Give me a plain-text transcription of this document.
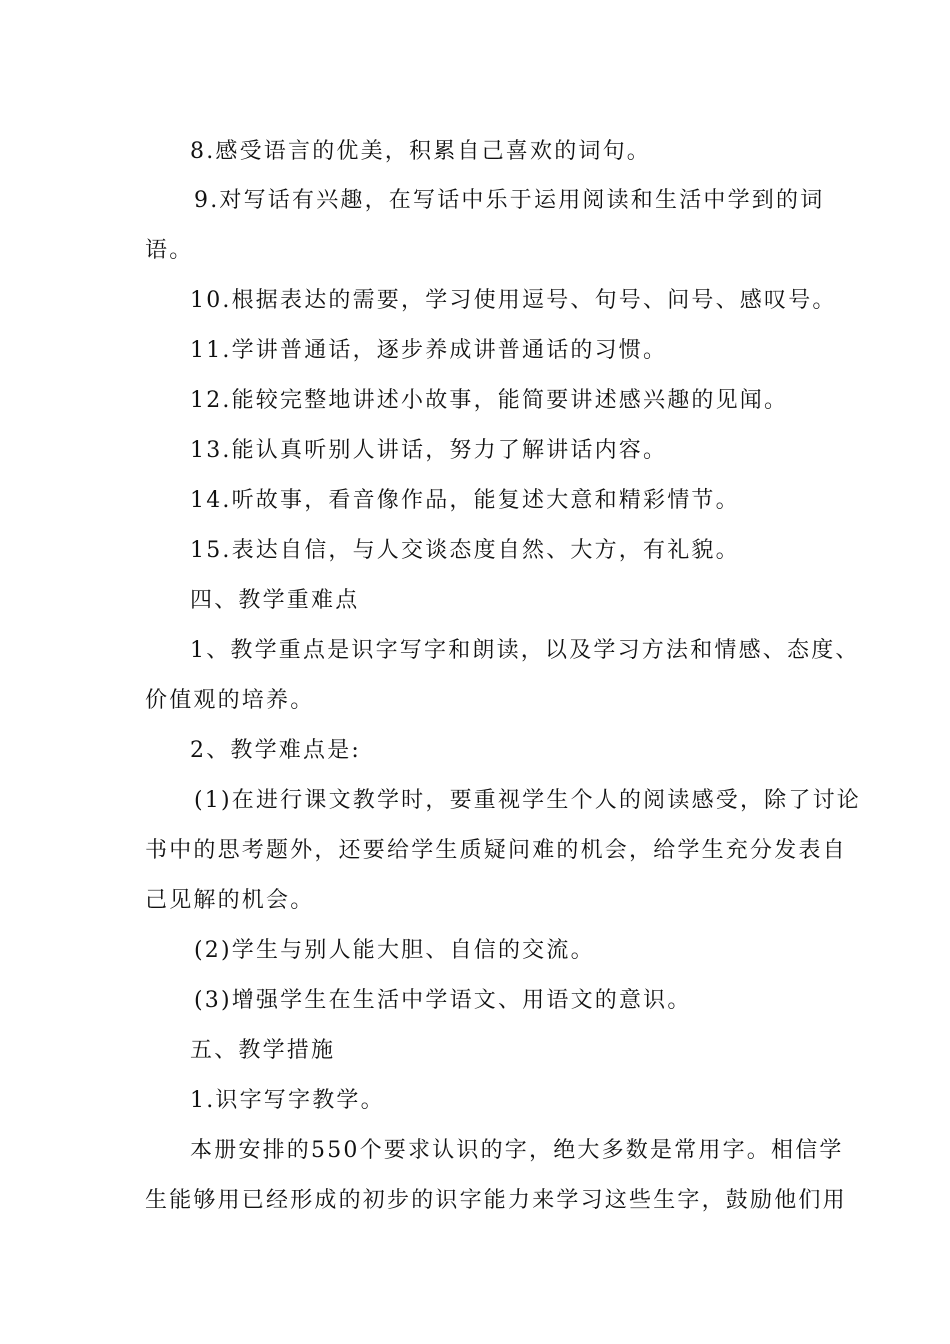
8.感受语言的优美，积累自己喜欢的词句。
9.对写话有兴趣，在写话中乐于运用阅读和生活中学到的词
语。
10.根据表达的需要，学习使用逗号、句号、问号、感叹号。
11.学讲普通话，逐步养成讲普通话的习惯。
12.能较完整地讲述小故事，能简要讲述感兴趣的见闻。
13.能认真听别人讲话，努力了解讲话内容。
14.听故事，看音像作品，能复述大意和精彩情节。
15.表达自信，与人交谈态度自然、大方，有礼貌。
四、教学重难点
1、教学重点是识字写字和朗读，以及学习方法和情感、态度、
价值观的培养。
2、教学难点是:
(1)在进行课文教学时，要重视学生个人的阅读感受，除了讨论
书中的思考题外，还要给学生质疑问难的机会，给学生充分发表自
己见解的机会。
(2)学生与别人能大胆、自信的交流。
(3)增强学生在生活中学语文、用语文的意识。
五、教学措施
1.识字写字教学。
本册安排的550个要求认识的字，绝大多数是常用字。相信学
生能够用已经形成的初步的识字能力来学习这些生字，鼓励他们用
